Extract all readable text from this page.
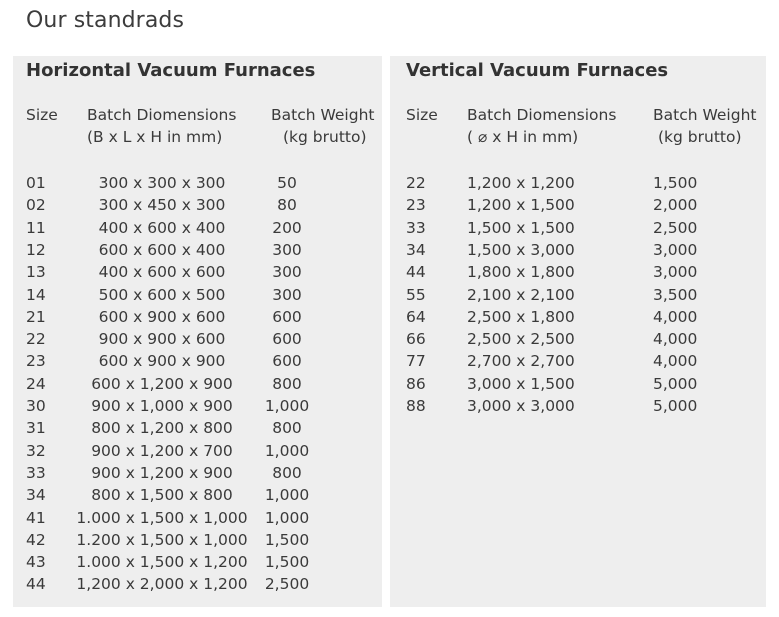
Our standrads
Horizontal Vacuum Furnaces
Size Batch Diomensions
(B x L x H in mm)
Batch Weight
(kg brutto)
01	300 x 300 x 300	50
02	300 x 450 x 300	80
11	400 x 600 x 400	200
12	600 x 600 x 400	300
13	400 x 600 x 600	300
14	500 x 600 x 500	300
21	600 x 900 x 600	600
22	900 x 900 x 600	600
23	600 x 900 x 900	600
24	600 x 1,200 x 900	800
30	900 x 1,000 x 900	1,000
31	800 x 1,200 x 800	800
32	900 x 1,200 x 700	1,000
33	900 x 1,200 x 900	800
34	800 x 1,500 x 800	1,000
41 1.000 x 1,500 x 1,000	1,000
42 1.200 x 1,500 x 1,000	1,500
43 1.000 x 1,500 x 1,200	1,500
44 1,200 x 2,000 x 1,200	2,500
Vertical Vacuum Furnaces
Size Batch Diomensions
( ⌀ x H in mm)
Batch Weight
(kg brutto)
22	1,200 x 1,200	1,500
23	1,200 x 1,500	2,000
33	1,500 x 1,500	2,500
34	1,500 x 3,000	3,000
44	1,800 x 1,800	3,000
55	2,100 x 2,100	3,500
64	2,500 x 1,800	4,000
66	2,500 x 2,500	4,000
77	2,700 x 2,700	4,000
86	3,000 x 1,500	5,000
88	3,000 x 3,000	5,000
